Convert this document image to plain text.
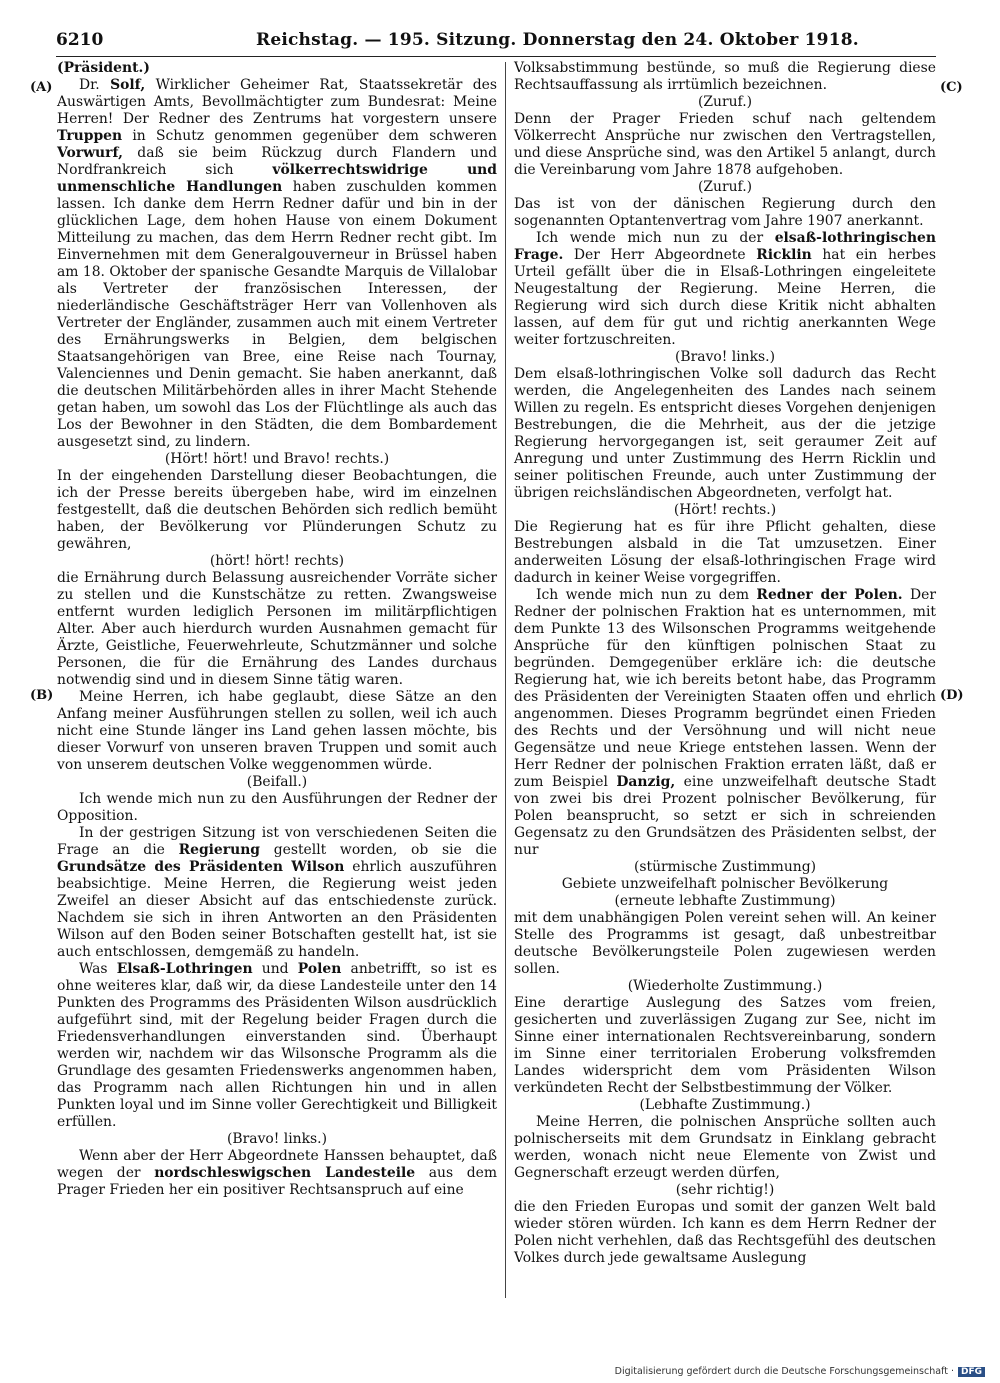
6210	Reichstag. — 195. Sitzung. Donnerstag den 24. Oktober 1918.
(A)
(B)
(C)
(D)

(Präsident.)

Dr. Solf, Wirklicher Geheimer Rat, Staatssekretär des Auswärtigen Amts, Bevollmächtigter zum Bundesrat: Meine Herren! Der Redner des Zentrums hat vorgestern unsere Truppen in Schutz genommen gegenüber dem schweren Vorwurf, daß sie beim Rückzug durch Flandern und Nordfrankreich sich völkerrechtswidrige und unmenschliche Handlungen haben zuschulden kommen lassen. Ich danke dem Herrn Redner dafür und bin in der glücklichen Lage, dem hohen Hause von einem Dokument Mitteilung zu machen, das dem Herrn Redner recht gibt. Im Einvernehmen mit dem Generalgouverneur in Brüssel haben am 18. Oktober der spanische Gesandte Marquis de Villalobar als Vertreter der französischen Interessen, der niederländische Geschäftsträger Herr van Vollenhoven als Vertreter der Engländer, zusammen auch mit einem Vertreter des Ernährungswerks in Belgien, dem belgischen Staatsangehörigen van Bree, eine Reise nach Tournay, Valenciennes und Denin gemacht. Sie haben anerkannt, daß die deutschen Militärbehörden alles in ihrer Macht Stehende getan haben, um sowohl das Los der Flüchtlinge als auch das Los der Bewohner in den Städten, die dem Bombardement ausgesetzt sind, zu lindern.

(Hört! hört! und Bravo! rechts.)

In der eingehenden Darstellung dieser Beobachtungen, die ich der Presse bereits übergeben habe, wird im einzelnen festgestellt, daß die deutschen Behörden sich redlich bemüht haben, der Bevölkerung vor Plünderungen Schutz zu gewähren,

(hört! hört! rechts)

die Ernährung durch Belassung ausreichender Vorräte sicher zu stellen und die Kunstschätze zu retten. Zwangsweise entfernt wurden lediglich Personen im militärpflichtigen Alter. Aber auch hierdurch wurden Ausnahmen gemacht für Ärzte, Geistliche, Feuerwehrleute, Schutzmänner und solche Personen, die für die Ernährung des Landes durchaus notwendig sind und in diesem Sinne tätig waren.

Meine Herren, ich habe geglaubt, diese Sätze an den Anfang meiner Ausführungen stellen zu sollen, weil ich auch nicht eine Stunde länger ins Land gehen lassen möchte, bis dieser Vorwurf von unseren braven Truppen und somit auch von unserem deutschen Volke weggenommen würde.

(Beifall.)

Ich wende mich nun zu den Ausführungen der Redner der Opposition.

In der gestrigen Sitzung ist von verschiedenen Seiten die Frage an die Regierung gestellt worden, ob sie die Grundsätze des Präsidenten Wilson ehrlich auszuführen beabsichtige. Meine Herren, die Regierung weist jeden Zweifel an dieser Absicht auf das entschiedenste zurück. Nachdem sie sich in ihren Antworten an den Präsidenten Wilson auf den Boden seiner Botschaften gestellt hat, ist sie auch entschlossen, demgemäß zu handeln.

Was Elsaß-Lothringen und Polen anbetrifft, so ist es ohne weiteres klar, daß wir, da diese Landesteile unter den 14 Punkten des Programms des Präsidenten Wilson ausdrücklich aufgeführt sind, mit der Regelung beider Fragen durch die Friedensverhandlungen einverstanden sind. Überhaupt werden wir, nachdem wir das Wilsonsche Programm als die Grundlage des gesamten Friedenswerks angenommen haben, das Programm nach allen Richtungen hin und in allen Punkten loyal und im Sinne voller Gerechtigkeit und Billigkeit erfüllen.

(Bravo! links.)

Wenn aber der Herr Abgeordnete Hanssen behauptet, daß wegen der nordschleswigschen Landesteile aus dem Prager Frieden her ein positiver Rechtsanspruch auf eine

Volksabstimmung bestünde, so muß die Regierung diese Rechtsauffassung als irrtümlich bezeichnen.

(Zuruf.)

Denn der Prager Frieden schuf nach geltendem Völkerrecht Ansprüche nur zwischen den Vertragstellen, und diese Ansprüche sind, was den Artikel 5 anlangt, durch die Vereinbarung vom Jahre 1878 aufgehoben.

(Zuruf.)

Das ist von der dänischen Regierung durch den sogenannten Optantenvertrag vom Jahre 1907 anerkannt.

Ich wende mich nun zu der elsaß-lothringischen Frage. Der Herr Abgeordnete Ricklin hat ein herbes Urteil gefällt über die in Elsaß-Lothringen eingeleitete Neugestaltung der Regierung. Meine Herren, die Regierung wird sich durch diese Kritik nicht abhalten lassen, auf dem für gut und richtig anerkannten Wege weiter fortzuschreiten.

(Bravo! links.)

Dem elsaß-lothringischen Volke soll dadurch das Recht werden, die Angelegenheiten des Landes nach seinem Willen zu regeln. Es entspricht dieses Vorgehen denjenigen Bestrebungen, die die Mehrheit, aus der die jetzige Regierung hervorgegangen ist, seit geraumer Zeit auf Anregung und unter Zustimmung des Herrn Ricklin und seiner politischen Freunde, auch unter Zustimmung der übrigen reichsländischen Abgeordneten, verfolgt hat.

(Hört! rechts.)

Die Regierung hat es für ihre Pflicht gehalten, diese Bestrebungen alsbald in die Tat umzusetzen. Einer anderweiten Lösung der elsaß-lothringischen Frage wird dadurch in keiner Weise vorgegriffen.

Ich wende mich nun zu dem Redner der Polen. Der Redner der polnischen Fraktion hat es unternommen, mit dem Punkte 13 des Wilsonschen Programms weitgehende Ansprüche für den künftigen polnischen Staat zu begründen. Demgegenüber erkläre ich: die deutsche Regierung hat, wie ich bereits betont habe, das Programm des Präsidenten der Vereinigten Staaten offen und ehrlich angenommen. Dieses Programm begründet einen Frieden des Rechts und der Versöhnung und will nicht neue Gegensätze und neue Kriege entstehen lassen. Wenn der Herr Redner der polnischen Fraktion erraten läßt, daß er zum Beispiel Danzig, eine unzweifelhaft deutsche Stadt von zwei bis drei Prozent polnischer Bevölkerung, für Polen beansprucht, so setzt er sich in schreienden Gegensatz zu den Grundsätzen des Präsidenten selbst, der nur

(stürmische Zustimmung)

Gebiete unzweifelhaft polnischer Bevölkerung

(erneute lebhafte Zustimmung)

mit dem unabhängigen Polen vereint sehen will. An keiner Stelle des Programms ist gesagt, daß unbestreitbar deutsche Bevölkerungsteile Polen zugewiesen werden sollen.

(Wiederholte Zustimmung.)

Eine derartige Auslegung des Satzes vom freien, gesicherten und zuverlässigen Zugang zur See, nicht im Sinne einer internationalen Rechtsvereinbarung, sondern im Sinne einer territorialen Eroberung volksfremden Landes widerspricht dem vom Präsidenten Wilson verkündeten Recht der Selbstbestimmung der Völker.

(Lebhafte Zustimmung.)

Meine Herren, die polnischen Ansprüche sollten auch polnischerseits mit dem Grundsatz in Einklang gebracht werden, wonach nicht neue Elemente von Zwist und Gegnerschaft erzeugt werden dürfen,

(sehr richtig!)

die den Frieden Europas und somit der ganzen Welt bald wieder stören würden. Ich kann es dem Herrn Redner der Polen nicht verhehlen, daß das Rechtsgefühl des deutschen Volkes durch jede gewaltsame Auslegung

Digitalisierung gefördert durch die Deutsche Forschungsgemeinschaft · DFG
